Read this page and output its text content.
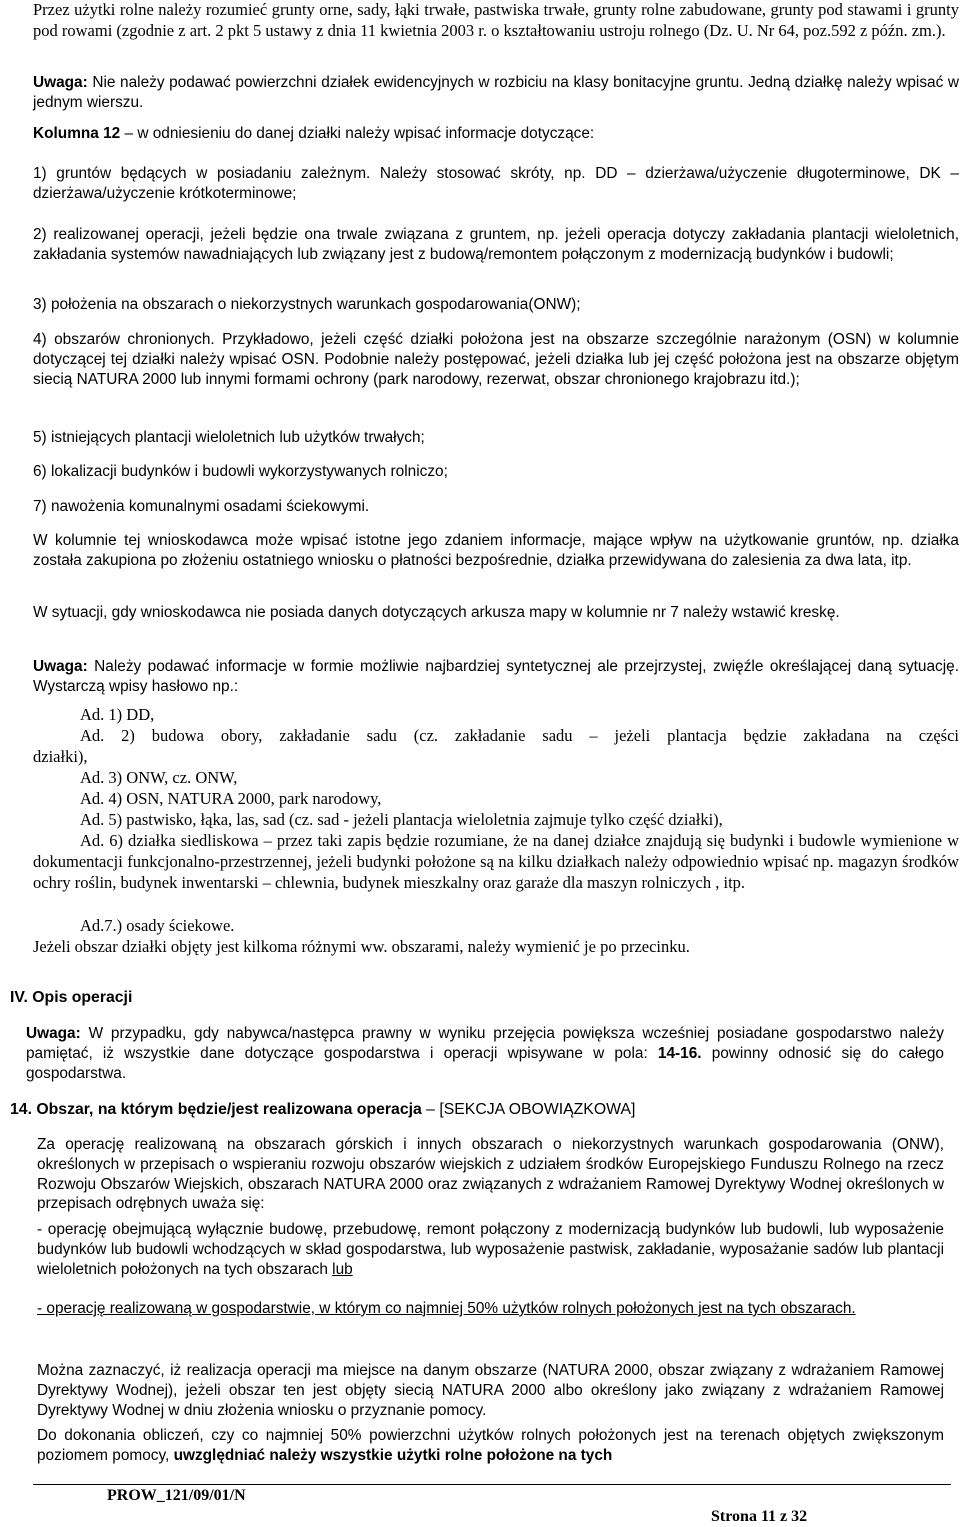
Przez użytki rolne należy rozumieć grunty orne, sady, łąki trwałe, pastwiska trwałe, grunty rolne zabudowane, grunty pod stawami i grunty pod rowami (zgodnie z art. 2 pkt 5 ustawy z dnia 11 kwietnia 2003 r. o kształtowaniu ustroju rolnego (Dz. U. Nr 64, poz.592 z późn. zm.).

Uwaga: Nie należy podawać powierzchni działek ewidencyjnych w rozbiciu na klasy bonitacyjne gruntu. Jedną działkę należy wpisać w jednym wierszu.

Kolumna 12 – w odniesieniu do danej działki należy wpisać informacje dotyczące:

1) gruntów będących w posiadaniu zależnym. Należy stosować skróty, np. DD – dzierżawa/użyczenie długoterminowe, DK – dzierżawa/użyczenie krótkoterminowe;

2) realizowanej operacji, jeżeli będzie ona trwale związana z gruntem, np. jeżeli operacja dotyczy zakładania plantacji wieloletnich, zakładania systemów nawadniających lub związany jest z budową/remontem połączonym z modernizacją budynków i budowli;

3) położenia na obszarach o niekorzystnych warunkach gospodarowania(ONW);

4) obszarów chronionych. Przykładowo, jeżeli część działki położona jest na obszarze szczególnie narażonym (OSN) w kolumnie dotyczącej tej działki należy wpisać OSN. Podobnie należy postępować, jeżeli działka lub jej część położona jest na obszarze objętym siecią NATURA 2000 lub innymi formami ochrony (park narodowy, rezerwat, obszar chronionego krajobrazu itd.);

5) istniejących plantacji wieloletnich lub użytków trwałych;

6) lokalizacji budynków i budowli wykorzystywanych rolniczo;

7) nawożenia komunalnymi osadami ściekowymi.

W kolumnie tej wnioskodawca może wpisać istotne jego zdaniem informacje, mające wpływ na użytkowanie gruntów, np. działka została zakupiona po złożeniu ostatniego wniosku o płatności bezpośrednie, działka przewidywana do zalesienia za dwa lata, itp.

W sytuacji, gdy wnioskodawca nie posiada danych dotyczących arkusza mapy w kolumnie nr 7 należy wstawić kreskę.

Uwaga: Należy podawać informacje w formie możliwie najbardziej syntetycznej ale przejrzystej, zwięźle określającej daną sytuację. Wystarczą wpisy hasłowo np.:

Ad. 1) DD,

Ad. 2) budowa obory, zakładanie sadu (cz. zakładanie sadu – jeżeli plantacja będzie zakładana na części

działki),

Ad. 3) ONW, cz. ONW,

Ad. 4) OSN, NATURA 2000, park narodowy,

Ad. 5) pastwisko, łąka, las, sad (cz. sad - jeżeli plantacja wieloletnia zajmuje tylko część działki),

Ad. 6) działka siedliskowa – przez taki zapis będzie rozumiane, że na danej działce znajdują się budynki i budowle wymienione w dokumentacji funkcjonalno-przestrzennej, jeżeli budynki położone są na kilku działkach należy odpowiednio wpisać np. magazyn środków ochry roślin, budynek inwentarski – chlewnia, budynek mieszkalny oraz garaże dla maszyn rolniczych , itp.

Ad.7.) osady ściekowe.

Jeżeli obszar działki objęty jest kilkoma różnymi ww. obszarami, należy wymienić je po przecinku.

IV. Opis operacji

Uwaga: W przypadku, gdy nabywca/następca prawny w wyniku przejęcia powiększa wcześniej posiadane gospodarstwo należy pamiętać, iż wszystkie dane dotyczące gospodarstwa i operacji wpisywane w pola: 14-16. powinny odnosić się do całego gospodarstwa.

14. Obszar, na którym będzie/jest realizowana operacja – [SEKCJA OBOWIĄZKOWA]

Za operację realizowaną na obszarach górskich i innych obszarach o niekorzystnych warunkach gospodarowania (ONW), określonych w przepisach o wspieraniu rozwoju obszarów wiejskich z udziałem środków Europejskiego Funduszu Rolnego na rzecz Rozwoju Obszarów Wiejskich, obszarach NATURA 2000 oraz związanych z wdrażaniem Ramowej Dyrektywy Wodnej określonych w przepisach odrębnych uważa się:

- operację obejmującą wyłącznie budowę, przebudowę, remont połączony z modernizacją budynków lub budowli, lub wyposażenie budynków lub budowli wchodzących w skład gospodarstwa, lub wyposażenie pastwisk, zakładanie, wyposażanie sadów lub plantacji wieloletnich położonych na tych obszarach lub

- operację realizowaną w gospodarstwie, w którym co najmniej 50% użytków rolnych położonych jest na tych obszarach.

Można zaznaczyć, iż realizacja operacji ma miejsce na danym obszarze (NATURA 2000, obszar związany z wdrażaniem Ramowej Dyrektywy Wodnej), jeżeli obszar ten jest objęty siecią NATURA 2000 albo określony jako związany z wdrażaniem Ramowej Dyrektywy Wodnej w dniu złożenia wniosku o przyznanie pomocy.

Do dokonania obliczeń, czy co najmniej 50% powierzchni użytków rolnych położonych jest na terenach objętych zwiększonym poziomem pomocy, uwzględniać należy wszystkie użytki rolne położone na tych

PROW_121/09/01/N
Strona 11 z 32
